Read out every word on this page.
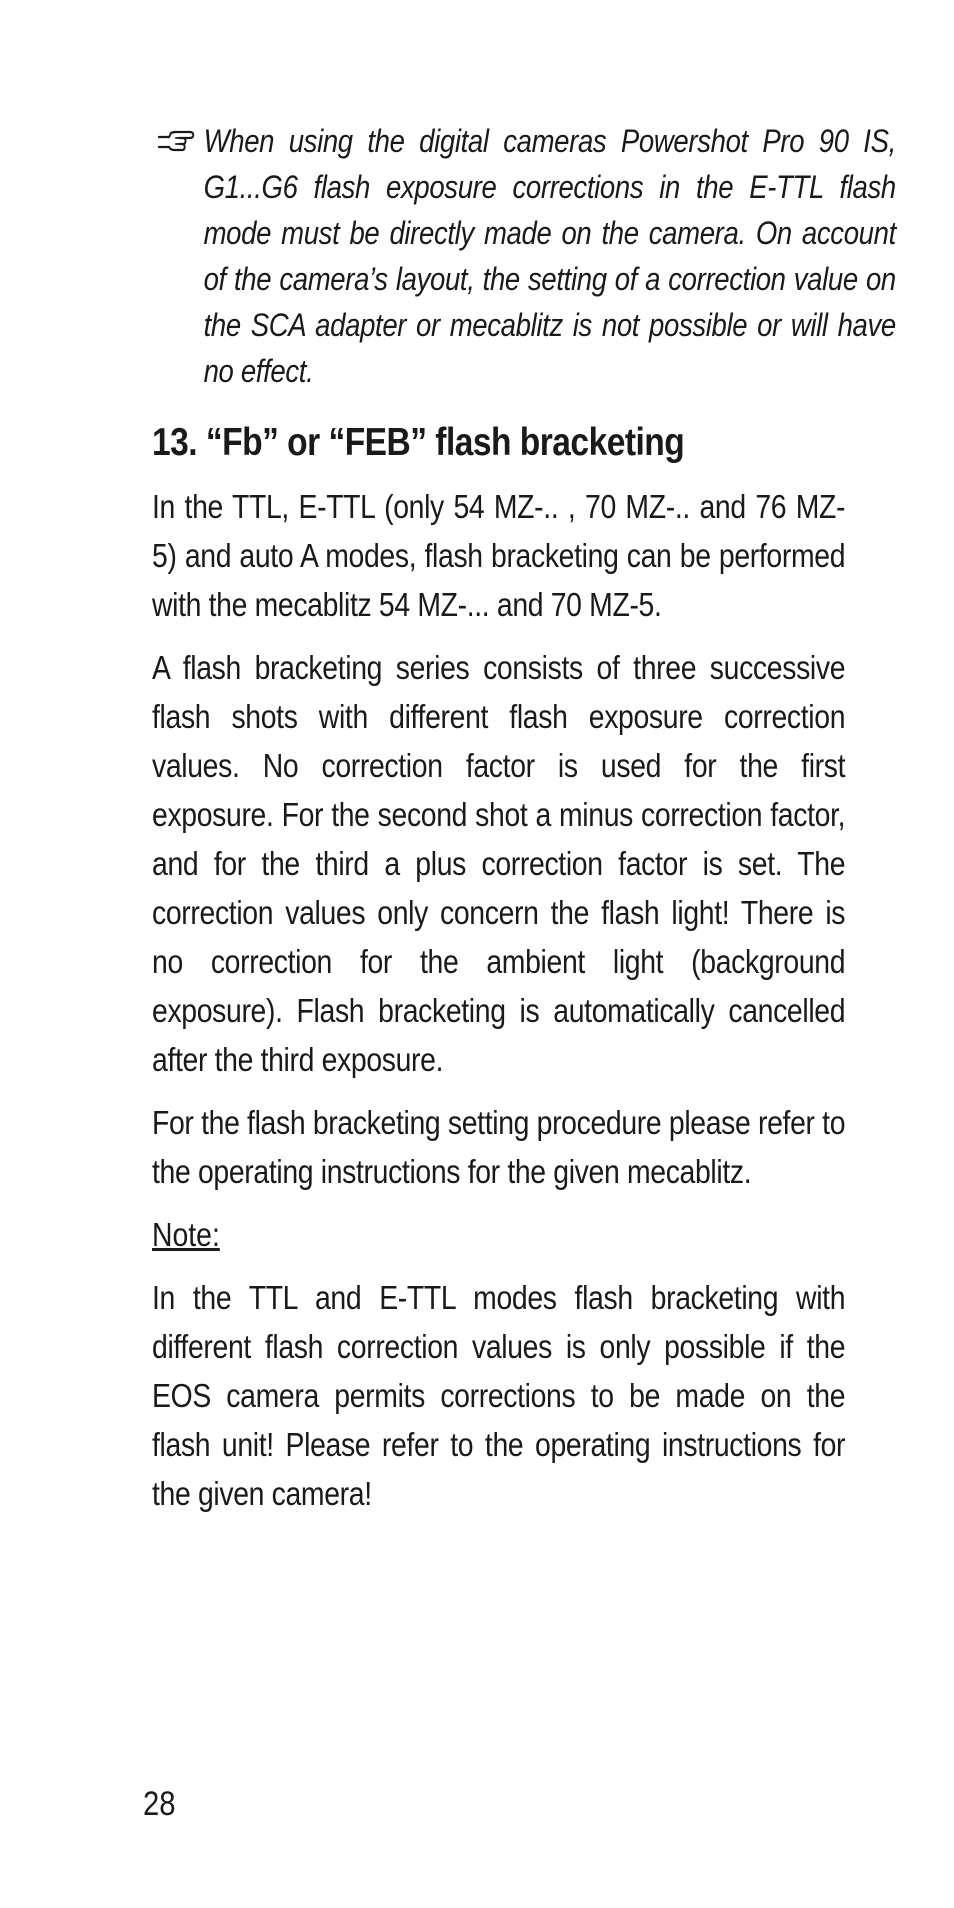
When using the digital cameras Powershot Pro 90 IS, G1...G6 flash exposure corrections in the E-TTL flash mode must be directly made on the camera. On account of the camera’s layout, the setting of a correction value on the SCA adapter or mecablitz is not possible or will have no effect.
13. “Fb” or “FEB” flash bracketing

In the TTL, E-TTL (only 54 MZ-.. , 70 MZ-.. and 76 MZ-5) and auto A modes, flash bracketing can be performed with the mecablitz 54 MZ-... and 70 MZ-5.

A flash bracketing series consists of three successive flash shots with different flash exposure correction values. No correction factor is used for the first exposure. For the second shot a minus correction factor, and for the third a plus correction factor is set. The correction values only concern the flash light! There is no correction for the ambient light (background exposure). Flash bracketing is automatically cancelled after the third exposure.

For the flash bracketing setting procedure please refer to the operating instructions for the given mecablitz.

Note:

In the TTL and E-TTL modes flash bracketing with different flash correction values is only possible if the EOS camera permits corrections to be made on the flash unit! Please refer to the operating instructions for the given camera!

28
